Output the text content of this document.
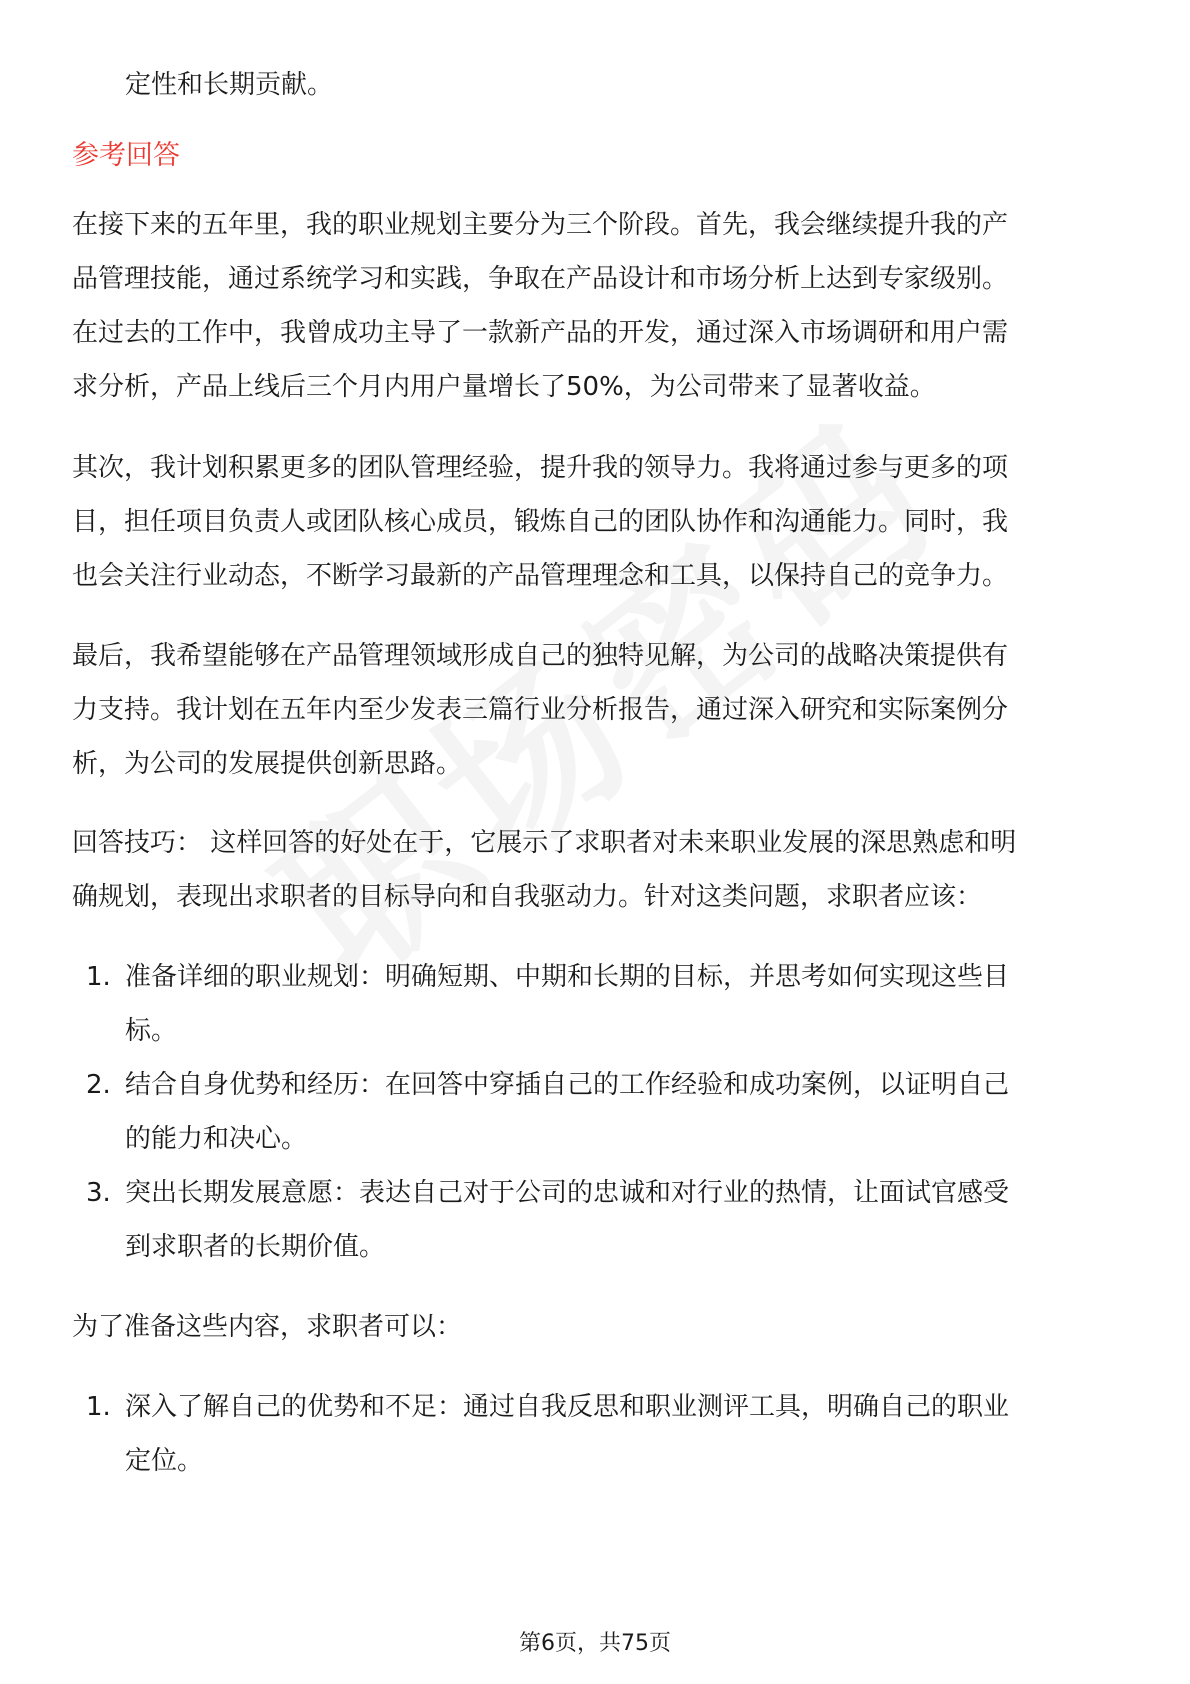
定性和长期贡献。
参考回答
在接下来的五年里，我的职业规划主要分为三个阶段。首先，我会继续提升我的产
品管理技能，通过系统学习和实践，争取在产品设计和市场分析上达到专家级别。
在过去的工作中，我曾成功主导了一款新产品的开发，通过深入市场调研和用户需
求分析，产品上线后三个月内用户量增长了50%，为公司带来了显著收益。
其次，我计划积累更多的团队管理经验，提升我的领导力。我将通过参与更多的项
目，担任项目负责人或团队核心成员，锻炼自己的团队协作和沟通能力。同时，我
也会关注行业动态，不断学习最新的产品管理理念和工具，以保持自己的竞争力。
最后，我希望能够在产品管理领域形成自己的独特见解，为公司的战略决策提供有
力支持。我计划在五年内至少发表三篇行业分析报告，通过深入研究和实际案例分
析，为公司的发展提供创新思路。
回答技巧： 这样回答的好处在于，它展示了求职者对未来职业发展的深思熟虑和明
确规划，表现出求职者的目标导向和自我驱动力。针对这类问题，求职者应该：
1. 准备详细的职业规划：明确短期、中期和长期的目标，并思考如何实现这些目
标。
2. 结合自身优势和经历：在回答中穿插自己的工作经验和成功案例，以证明自己
的能力和决心。
3. 突出长期发展意愿：表达自己对于公司的忠诚和对行业的热情，让面试官感受
到求职者的长期价值。
为了准备这些内容，求职者可以：
1. 深入了解自己的优势和不足：通过自我反思和职业测评工具，明确自己的职业
定位。
第6页，共75页
